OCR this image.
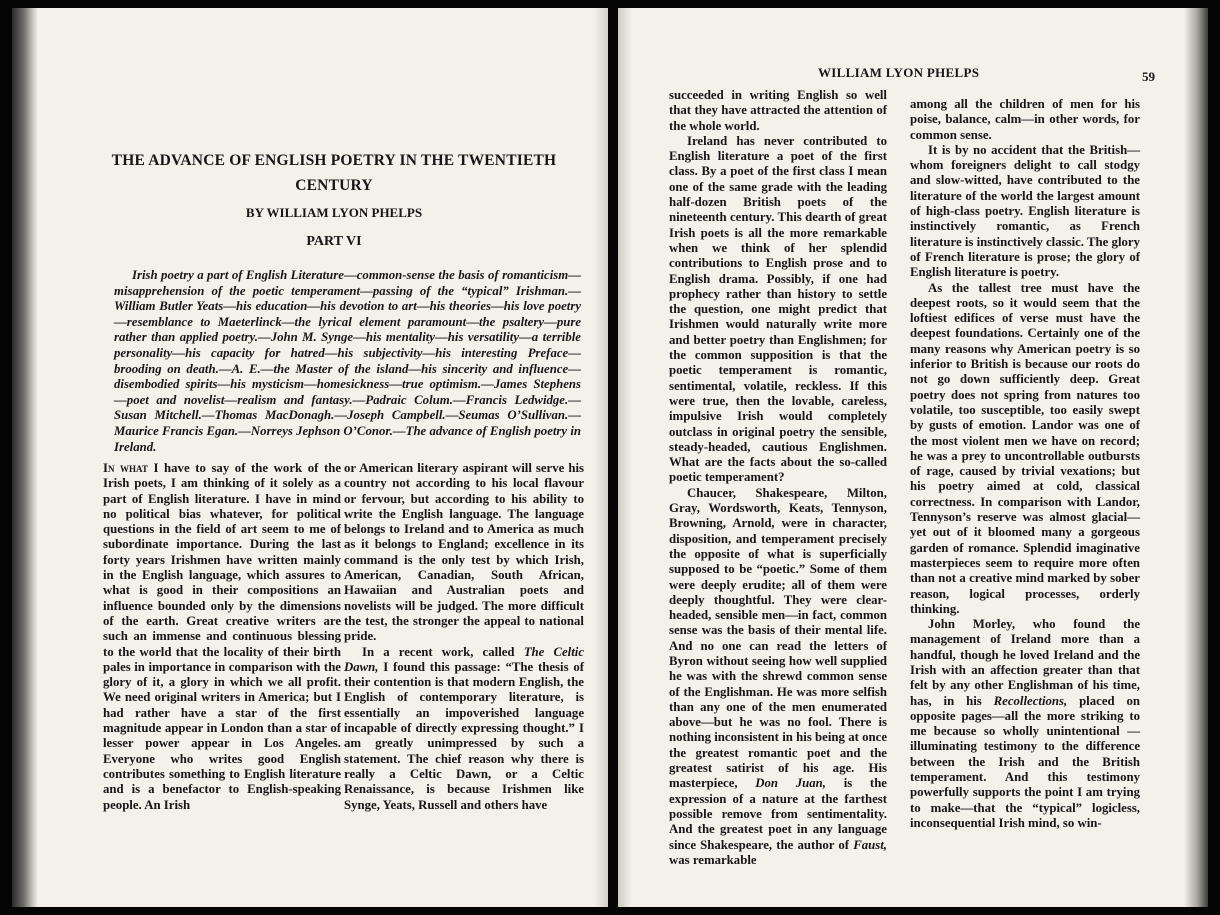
THE ADVANCE OF ENGLISH POETRY IN THE TWENTIETH CENTURY
BY WILLIAM LYON PHELPS
PART VI

Irish poetry a part of English Literature—common-sense the basis of romanticism—misapprehension of the poetic temperament—passing of the “typical” Irishman.—William Butler Yeats—his education—his devotion to art—his theories—his love poetry—resemblance to Maeterlinck—the lyrical element paramount—the psaltery—pure rather than applied poetry.—John M. Synge—his mentality—his versatility—a terrible personality—his capacity for hatred—his subjectivity—his interesting Preface—brooding on death.—A. E.—the Master of the island—his sincerity and influence—disembodied spirits—his mysticism—homesickness—true optimism.—James Stephens—poet and novelist—realism and fantasy.—Padraic Colum.—Francis Ledwidge.—Susan Mitchell.—Thomas MacDonagh.—Joseph Campbell.—Seumas O’Sullivan.—Maurice Francis Egan.—Norreys Jephson O’Conor.—The advance of English poetry in Ireland.

In what I have to say of the work of the Irish poets, I am thinking of it solely as a part of English literature. I have in mind no political bias whatever, for political questions in the field of art seem to me of subordinate importance. During the last forty years Irishmen have written mainly in the English language, which assures to what is good in their compositions an influence bounded only by the dimensions of the earth. Great creative writers are such an immense and continuous blessing to the world that the locality of their birth pales in importance in comparison with the glory of it, a glory in which we all profit. We need original writers in America; but I had rather have a star of the first magnitude appear in London than a star of lesser power appear in Los Angeles. Everyone who writes good English contributes something to English literature and is a benefactor to English-speaking people. An Irish

or American literary aspirant will serve his country not according to his local flavour or fervour, but according to his ability to write the English language. The language belongs to Ireland and to America as much as it belongs to England; excellence in its command is the only test by which Irish, American, Canadian, South African, Hawaiian and Australian poets and novelists will be judged. The more difficult the test, the stronger the appeal to national pride.

In a recent work, called The Celtic Dawn, I found this passage: “The thesis of their contention is that modern English, the English of contemporary literature, is essentially an impoverished language incapable of directly expressing thought.” I am greatly unimpressed by such a statement. The chief reason why there is really a Celtic Dawn, or a Celtic Renaissance, is because Irishmen like Synge, Yeats, Russell and others have

WILLIAM LYON PHELPS	59

succeeded in writing English so well that they have attracted the attention of the whole world.

Ireland has never contributed to English literature a poet of the first class. By a poet of the first class I mean one of the same grade with the leading half-dozen British poets of the nineteenth century. This dearth of great Irish poets is all the more remarkable when we think of her splendid contributions to English prose and to English drama. Possibly, if one had prophecy rather than history to settle the question, one might predict that Irishmen would naturally write more and better poetry than Englishmen; for the common supposition is that the poetic temperament is romantic, sentimental, volatile, reckless. If this were true, then the lovable, careless, impulsive Irish would completely outclass in original poetry the sensible, steady-headed, cautious Englishmen. What are the facts about the so-called poetic temperament?

Chaucer, Shakespeare, Milton, Gray, Wordsworth, Keats, Tennyson, Browning, Arnold, were in character, disposition, and temperament precisely the opposite of what is superficially supposed to be “poetic.” Some of them were deeply erudite; all of them were deeply thoughtful. They were clear-headed, sensible men—in fact, common sense was the basis of their mental life. And no one can read the letters of Byron without seeing how well supplied he was with the shrewd common sense of the Englishman. He was more selfish than any one of the men enumerated above—but he was no fool. There is nothing inconsistent in his being at once the greatest romantic poet and the greatest satirist of his age. His masterpiece, Don Juan, is the expression of a nature at the farthest possible remove from sentimentality. And the greatest poet in any language since Shakespeare, the author of Faust, was remarkable

among all the children of men for his poise, balance, calm—in other words, for common sense.

It is by no accident that the British—whom foreigners delight to call stodgy and slow-witted, have contributed to the literature of the world the largest amount of high-class poetry. English literature is instinctively romantic, as French literature is instinctively classic. The glory of French literature is prose; the glory of English literature is poetry.

As the tallest tree must have the deepest roots, so it would seem that the loftiest edifices of verse must have the deepest foundations. Certainly one of the many reasons why American poetry is so inferior to British is because our roots do not go down sufficiently deep. Great poetry does not spring from natures too volatile, too susceptible, too easily swept by gusts of emotion. Landor was one of the most violent men we have on record; he was a prey to uncontrollable outbursts of rage, caused by trivial vexations; but his poetry aimed at cold, classical correctness. In comparison with Landor, Tennyson’s reserve was almost glacial—yet out of it bloomed many a gorgeous garden of romance. Splendid imaginative masterpieces seem to require more often than not a creative mind marked by sober reason, logical processes, orderly thinking.

John Morley, who found the management of Ireland more than a handful, though he loved Ireland and the Irish with an affection greater than that felt by any other Englishman of his time, has, in his Recollections, placed on opposite pages—all the more striking to me because so wholly unintentional — illuminating testimony to the difference between the Irish and the British temperament. And this testimony powerfully supports the point I am trying to make—that the “typical” logicless, inconsequential Irish mind, so win-
